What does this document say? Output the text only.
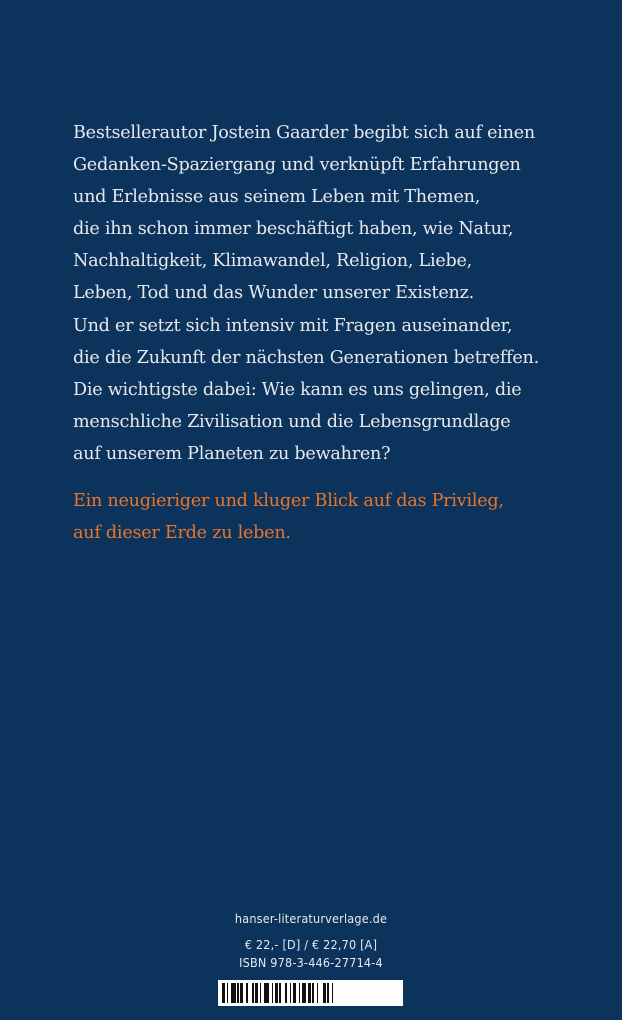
Bestsellerautor Jostein Gaarder begibt sich auf einen
Gedanken-Spaziergang und verknüpft Erfahrungen
und Erlebnisse aus seinem Leben mit Themen,
die ihn schon immer beschäftigt haben, wie Natur,
Nachhaltigkeit, Klimawandel, Religion, Liebe,
Leben, Tod und das Wunder unserer Existenz.
Und er setzt sich intensiv mit Fragen auseinander,
die die Zukunft der nächsten Generationen betreffen.
Die wichtigste dabei: Wie kann es uns gelingen, die
menschliche Zivilisation und die Lebensgrundlage
auf unserem Planeten zu bewahren?
Ein neugieriger und kluger Blick auf das Privileg,
auf dieser Erde zu leben.
hanser-literaturverlage.de
€ 22,- [D] / € 22,70 [A]
ISBN 978-3-446-27714-4
